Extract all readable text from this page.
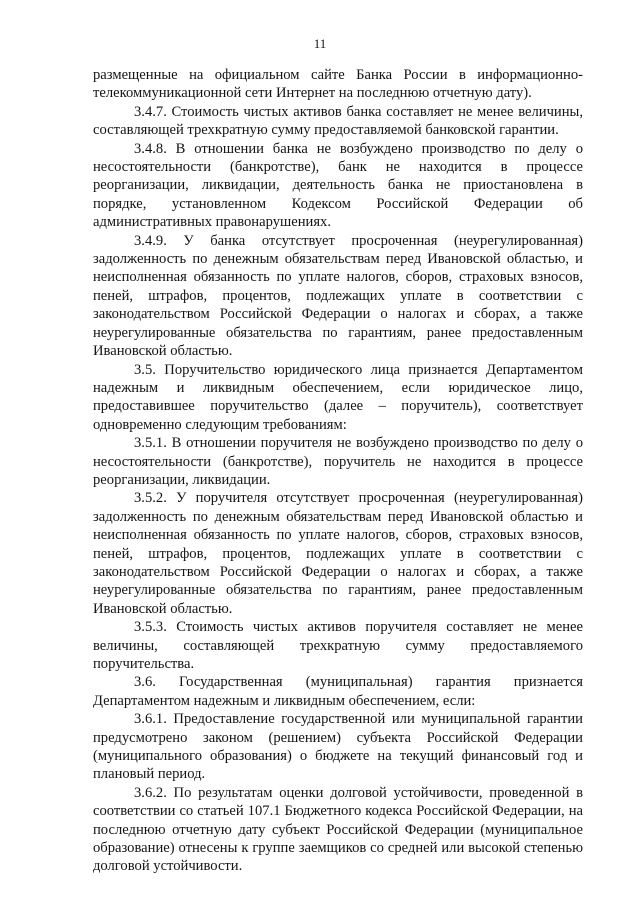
11

размещенные на официальном сайте Банка России в информационно-телекоммуникационной сети Интернет на последнюю отчетную дату).

3.4.7. Стоимость чистых активов банка составляет не менее величины, составляющей трехкратную сумму предоставляемой банковской гарантии.

3.4.8. В отношении банка не возбуждено производство по делу о несостоятельности (банкротстве), банк не находится в процессе реорганизации, ликвидации, деятельность банка не приостановлена в порядке, установленном Кодексом Российской Федерации об административных правонарушениях.

3.4.9. У банка отсутствует просроченная (неурегулированная) задолженность по денежным обязательствам перед Ивановской областью, и неисполненная обязанность по уплате налогов, сборов, страховых взносов, пеней, штрафов, процентов, подлежащих уплате в соответствии с законодательством Российской Федерации о налогах и сборах, а также неурегулированные обязательства по гарантиям, ранее предоставленным Ивановской областью.

3.5. Поручительство юридического лица признается Департаментом надежным и ликвидным обеспечением, если юридическое лицо, предоставившее поручительство (далее – поручитель), соответствует одновременно следующим требованиям:

3.5.1. В отношении поручителя не возбуждено производство по делу о несостоятельности (банкротстве), поручитель не находится в процессе реорганизации, ликвидации.

3.5.2. У поручителя отсутствует просроченная (неурегулированная) задолженность по денежным обязательствам перед Ивановской областью и неисполненная обязанность по уплате налогов, сборов, страховых взносов, пеней, штрафов, процентов, подлежащих уплате в соответствии с законодательством Российской Федерации о налогах и сборах, а также неурегулированные обязательства по гарантиям, ранее предоставленным Ивановской областью.

3.5.3. Стоимость чистых активов поручителя составляет не менее величины, составляющей трехкратную сумму предоставляемого поручительства.

3.6. Государственная (муниципальная) гарантия признается Департаментом надежным и ликвидным обеспечением, если:

3.6.1. Предоставление государственной или муниципальной гарантии предусмотрено законом (решением) субъекта Российской Федерации (муниципального образования) о бюджете на текущий финансовый год и плановый период.

3.6.2. По результатам оценки долговой устойчивости, проведенной в соответствии со статьей 107.1 Бюджетного кодекса Российской Федерации, на последнюю отчетную дату субъект Российской Федерации (муниципальное образование) отнесены к группе заемщиков со средней или высокой степенью долговой устойчивости.
